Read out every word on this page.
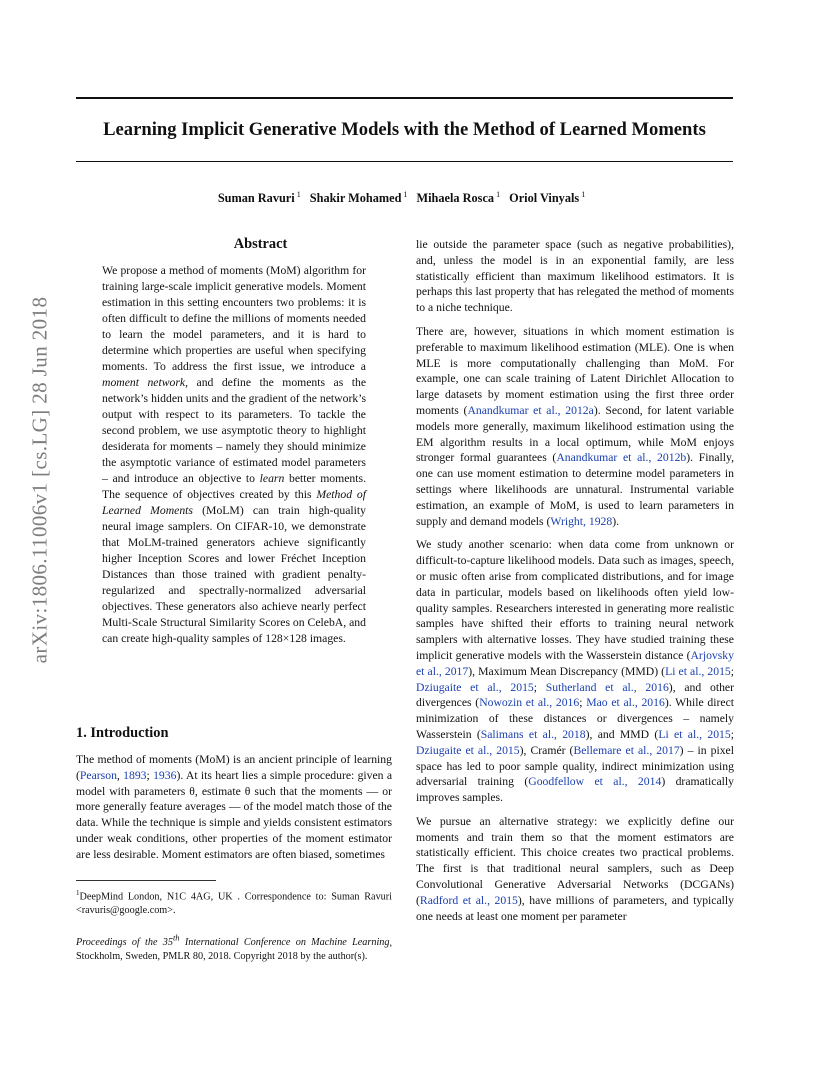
arXiv:1806.11006v1 [cs.LG] 28 Jun 2018
Learning Implicit Generative Models with the Method of Learned Moments
Suman Ravuri $^1$ Shakir Mohamed $^1$ Mihaela Rosca $^1$ Oriol Vinyals $^1$
Abstract
We propose a method of moments (MoM) algorithm for training large-scale implicit generative models. Moment estimation in this setting encounters two problems: it is often difficult to define the millions of moments needed to learn the model parameters, and it is hard to determine which properties are useful when specifying moments. To address the first issue, we introduce a moment network, and define the moments as the network’s hidden units and the gradient of the network’s output with respect to its parameters. To tackle the second problem, we use asymptotic theory to highlight desiderata for moments – namely they should minimize the asymptotic variance of estimated model parameters – and introduce an objective to learn better moments. The sequence of objectives created by this Method of Learned Moments (MoLM) can train high-quality neural image samplers. On CIFAR-10, we demonstrate that MoLM-trained generators achieve significantly higher Inception Scores and lower Fréchet Inception Distances than those trained with gradient penalty-regularized and spectrally-normalized adversarial objectives. These generators also achieve nearly perfect Multi-Scale Structural Similarity Scores on CelebA, and can create high-quality samples of 128×128 images.
1. Introduction
The method of moments (MoM) is an ancient principle of learning (Pearson, 1893; 1936). At its heart lies a simple procedure: given a model with parameters θ, estimate θ such that the moments — or more generally feature averages — of the model match those of the data. While the technique is simple and yields consistent estimators under weak conditions, other properties of the moment estimator are less desirable. Moment estimators are often biased, sometimes
$^1$DeepMind London, N1C 4AG, UK . Correspondence to: Suman Ravuri <ravuris@google.com>.
Proceedings of the 35th International Conference on Machine Learning, Stockholm, Sweden, PMLR 80, 2018. Copyright 2018 by the author(s).

lie outside the parameter space (such as negative probabilities), and, unless the model is in an exponential family, are less statistically efficient than maximum likelihood estimators. It is perhaps this last property that has relegated the method of moments to a niche technique.

There are, however, situations in which moment estimation is preferable to maximum likelihood estimation (MLE). One is when MLE is more computationally challenging than MoM. For example, one can scale training of Latent Dirichlet Allocation to large datasets by moment estimation using the first three order moments (Anandkumar et al., 2012a). Second, for latent variable models more generally, maximum likelihood estimation using the EM algorithm results in a local optimum, while MoM enjoys stronger formal guarantees (Anandkumar et al., 2012b). Finally, one can use moment estimation to determine model parameters in settings where likelihoods are unnatural. Instrumental variable estimation, an example of MoM, is used to learn parameters in supply and demand models (Wright, 1928).

We study another scenario: when data come from unknown or difficult-to-capture likelihood models. Data such as images, speech, or music often arise from complicated distributions, and for image data in particular, models based on likelihoods often yield low-quality samples. Researchers interested in generating more realistic samples have shifted their efforts to training neural network samplers with alternative losses. They have studied training these implicit generative models with the Wasserstein distance (Arjovsky et al., 2017), Maximum Mean Discrepancy (MMD) (Li et al., 2015; Dziugaite et al., 2015; Sutherland et al., 2016), and other divergences (Nowozin et al., 2016; Mao et al., 2016). While direct minimization of these distances or divergences – namely Wasserstein (Salimans et al., 2018), and MMD (Li et al., 2015; Dziugaite et al., 2015), Cramér (Bellemare et al., 2017) – in pixel space has led to poor sample quality, indirect minimization using adversarial training (Goodfellow et al., 2014) dramatically improves samples.

We pursue an alternative strategy: we explicitly define our moments and train them so that the moment estimators are statistically efficient. This choice creates two practical problems. The first is that traditional neural samplers, such as Deep Convolutional Generative Adversarial Networks (DCGANs) (Radford et al., 2015), have millions of parameters, and typically one needs at least one moment per parameter
